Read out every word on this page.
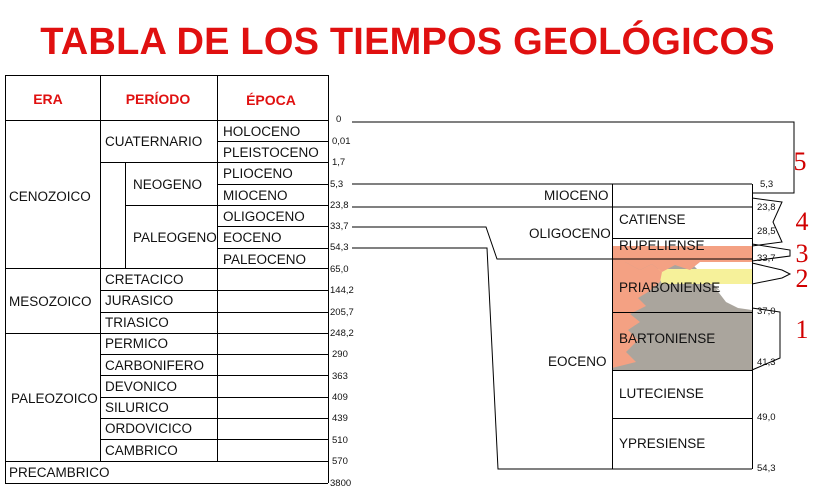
TABLA DE LOS TIEMPOS GEOLÓGICOS
ERA	PERÍODO	ÉPOCA
CENOZOICO
MESOZOICO
PALEOZOICO
PRECAMBRICO
CUATERNARIO
NEOGENO
PALEOGENO
CRETACICO
JURASICO
TRIASICO
PERMICO
CARBONIFERO
DEVONICO
SILURICO
ORDOVICICO
CAMBRICO
HOLOCENO
PLEISTOCENO
PLIOCENO
MIOCENO
OLIGOCENO
EOCENO
PALEOCENO
0
0,01
1,7
5,3
23,8
33,7
54,3
65,0
144,2
205,7
248,2
290
363
409
439
510
570
3800
MIOCENO
OLIGOCENO
EOCENO
CATIENSE
RUPELIENSE
PRIABONIENSE
BARTONIENSE
LUTECIENSE
YPRESIENSE
5,3
23,8
28,5
33,7
37,0
41,3
49,0
54,3
5
4
3
2
1
